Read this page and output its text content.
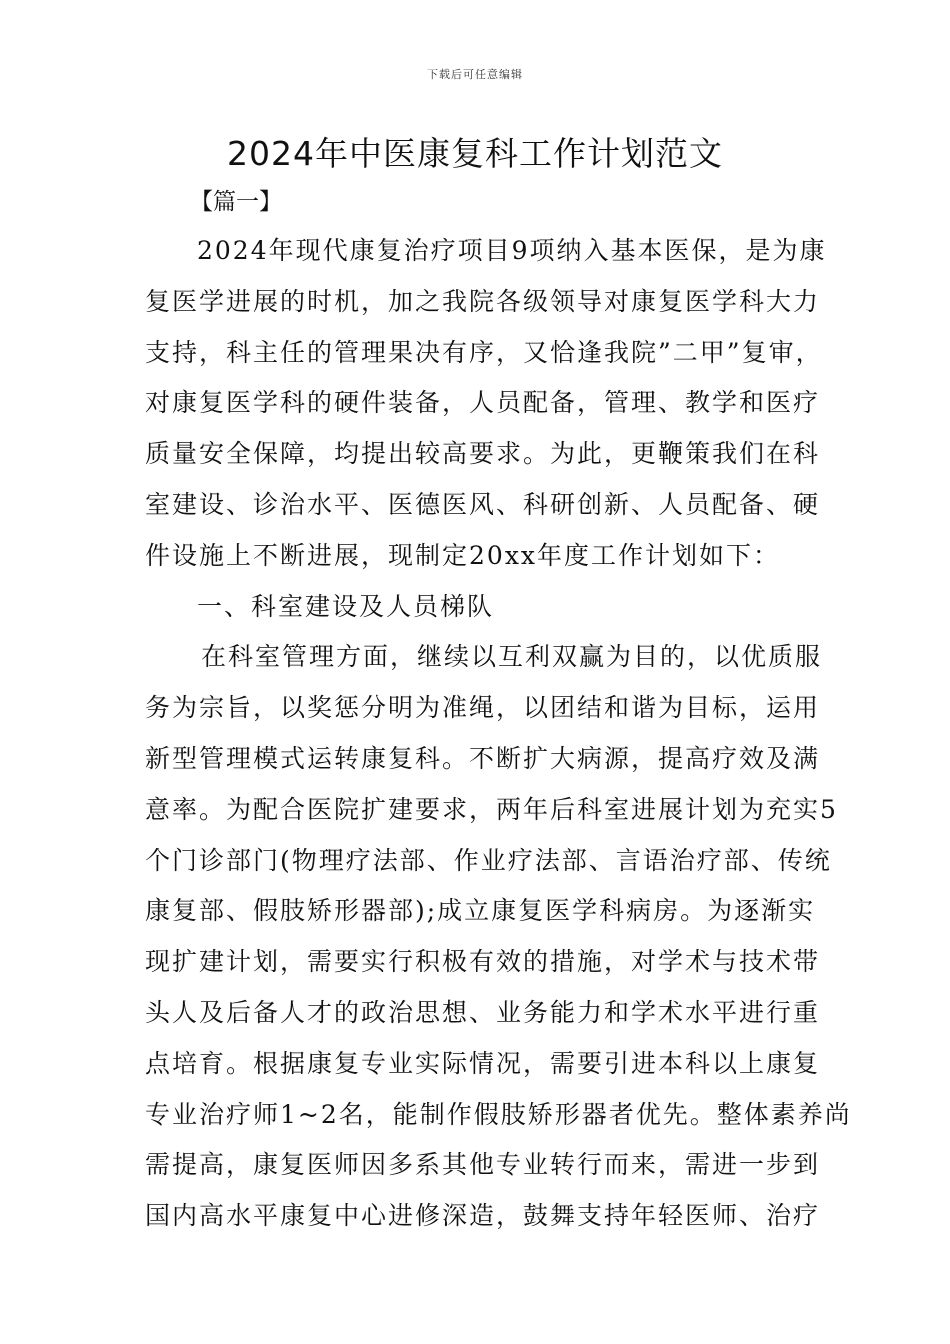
下载后可任意编辑
2024年中医康复科工作计划范文
【篇一】
2024年现代康复治疗项目9项纳入基本医保，是为康
复医学进展的时机，加之我院各级领导对康复医学科大力
支持，科主任的管理果决有序，又恰逢我院”二甲”复审，
对康复医学科的硬件装备，人员配备，管理、教学和医疗
质量安全保障，均提出较高要求。为此，更鞭策我们在科
室建设、诊治水平、医德医风、科研创新、人员配备、硬
件设施上不断进展，现制定20xx年度工作计划如下：
一、科室建设及人员梯队
在科室管理方面，继续以互利双赢为目的，以优质服
务为宗旨，以奖惩分明为准绳，以团结和谐为目标，运用
新型管理模式运转康复科。不断扩大病源，提高疗效及满
意率。为配合医院扩建要求，两年后科室进展计划为充实5
个门诊部门(物理疗法部、作业疗法部、言语治疗部、传统
康复部、假肢矫形器部);成立康复医学科病房。为逐渐实
现扩建计划，需要实行积极有效的措施，对学术与技术带
头人及后备人才的政治思想、业务能力和学术水平进行重
点培育。根据康复专业实际情况，需要引进本科以上康复
专业治疗师1~2名，能制作假肢矫形器者优先。整体素养尚
需提高，康复医师因多系其他专业转行而来，需进一步到
国内高水平康复中心进修深造，鼓舞支持年轻医师、治疗
